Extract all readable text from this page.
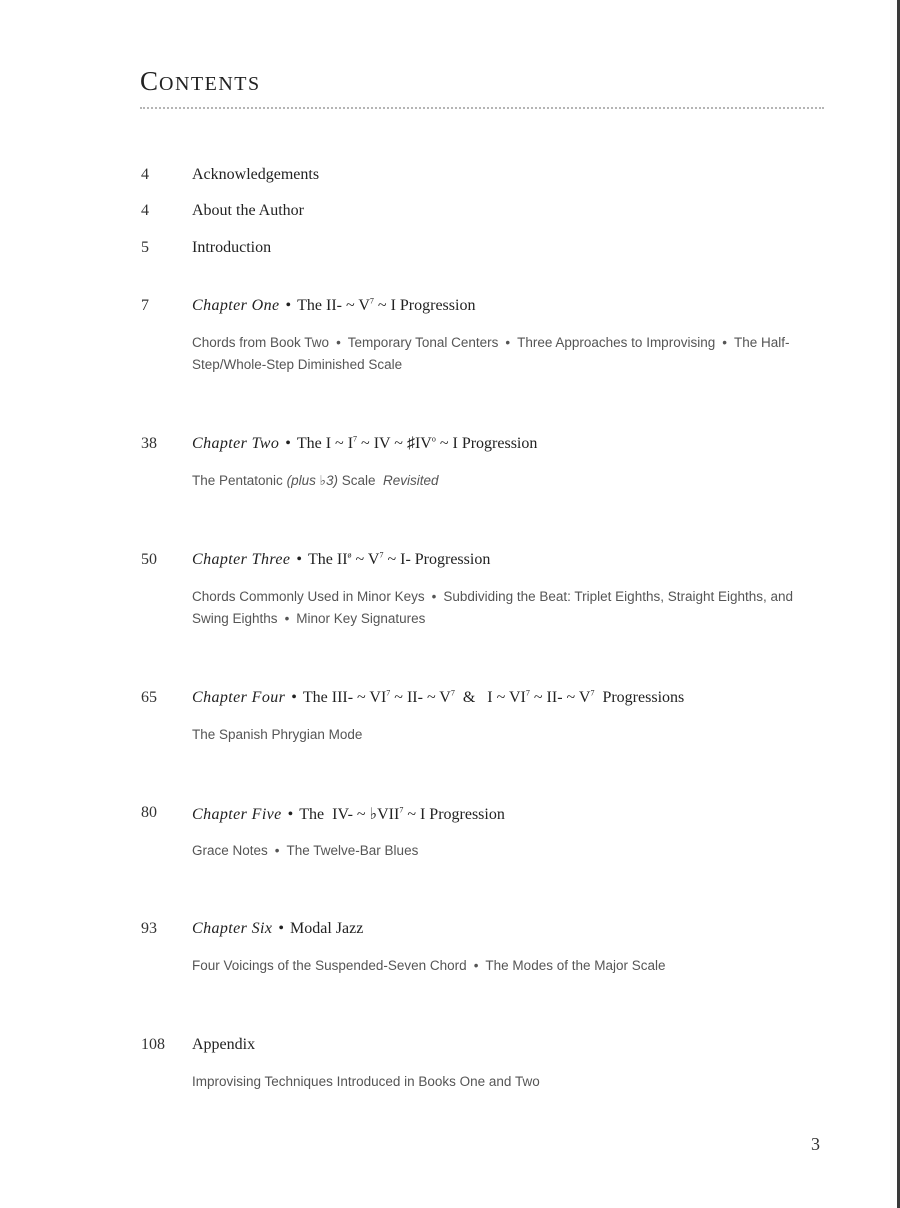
CONTENTS
4	Acknowledgements
4	About the Author
5	Introduction
7	Chapter One • The II- ~ $V^7$ ~ I Progression
Chords from Book Two • Temporary Tonal Centers • Three Approaches to Improvising • The Half-Step/Whole-Step Diminished Scale
38 Chapter Two • The I ~ $I^7$ ~ IV ~ $♯IV^o$ ~ I Progression
The Pentatonic (plus ♭3) Scale Revisited
50 Chapter Three • The $II^ø$ ~ $V^7$ ~ I- Progression
Chords Commonly Used in Minor Keys • Subdividing the Beat: Triplet Eighths, Straight Eighths, and Swing Eighths • Minor Key Signatures
65 Chapter Four • The III- ~ $VI^7$ ~ II- ~ $V^7$  &   I ~ $VI^7$ ~ II- ~ $V^7$  Progressions
The Spanish Phrygian Mode
80 Chapter Five • The  IV- ~ ♭VII$^7$ ~ I Progression
Grace Notes • The Twelve-Bar Blues
93 Chapter Six • Modal Jazz
Four Voicings of the Suspended-Seven Chord • The Modes of the Major Scale
108 Appendix
Improvising Techniques Introduced in Books One and Two
3
